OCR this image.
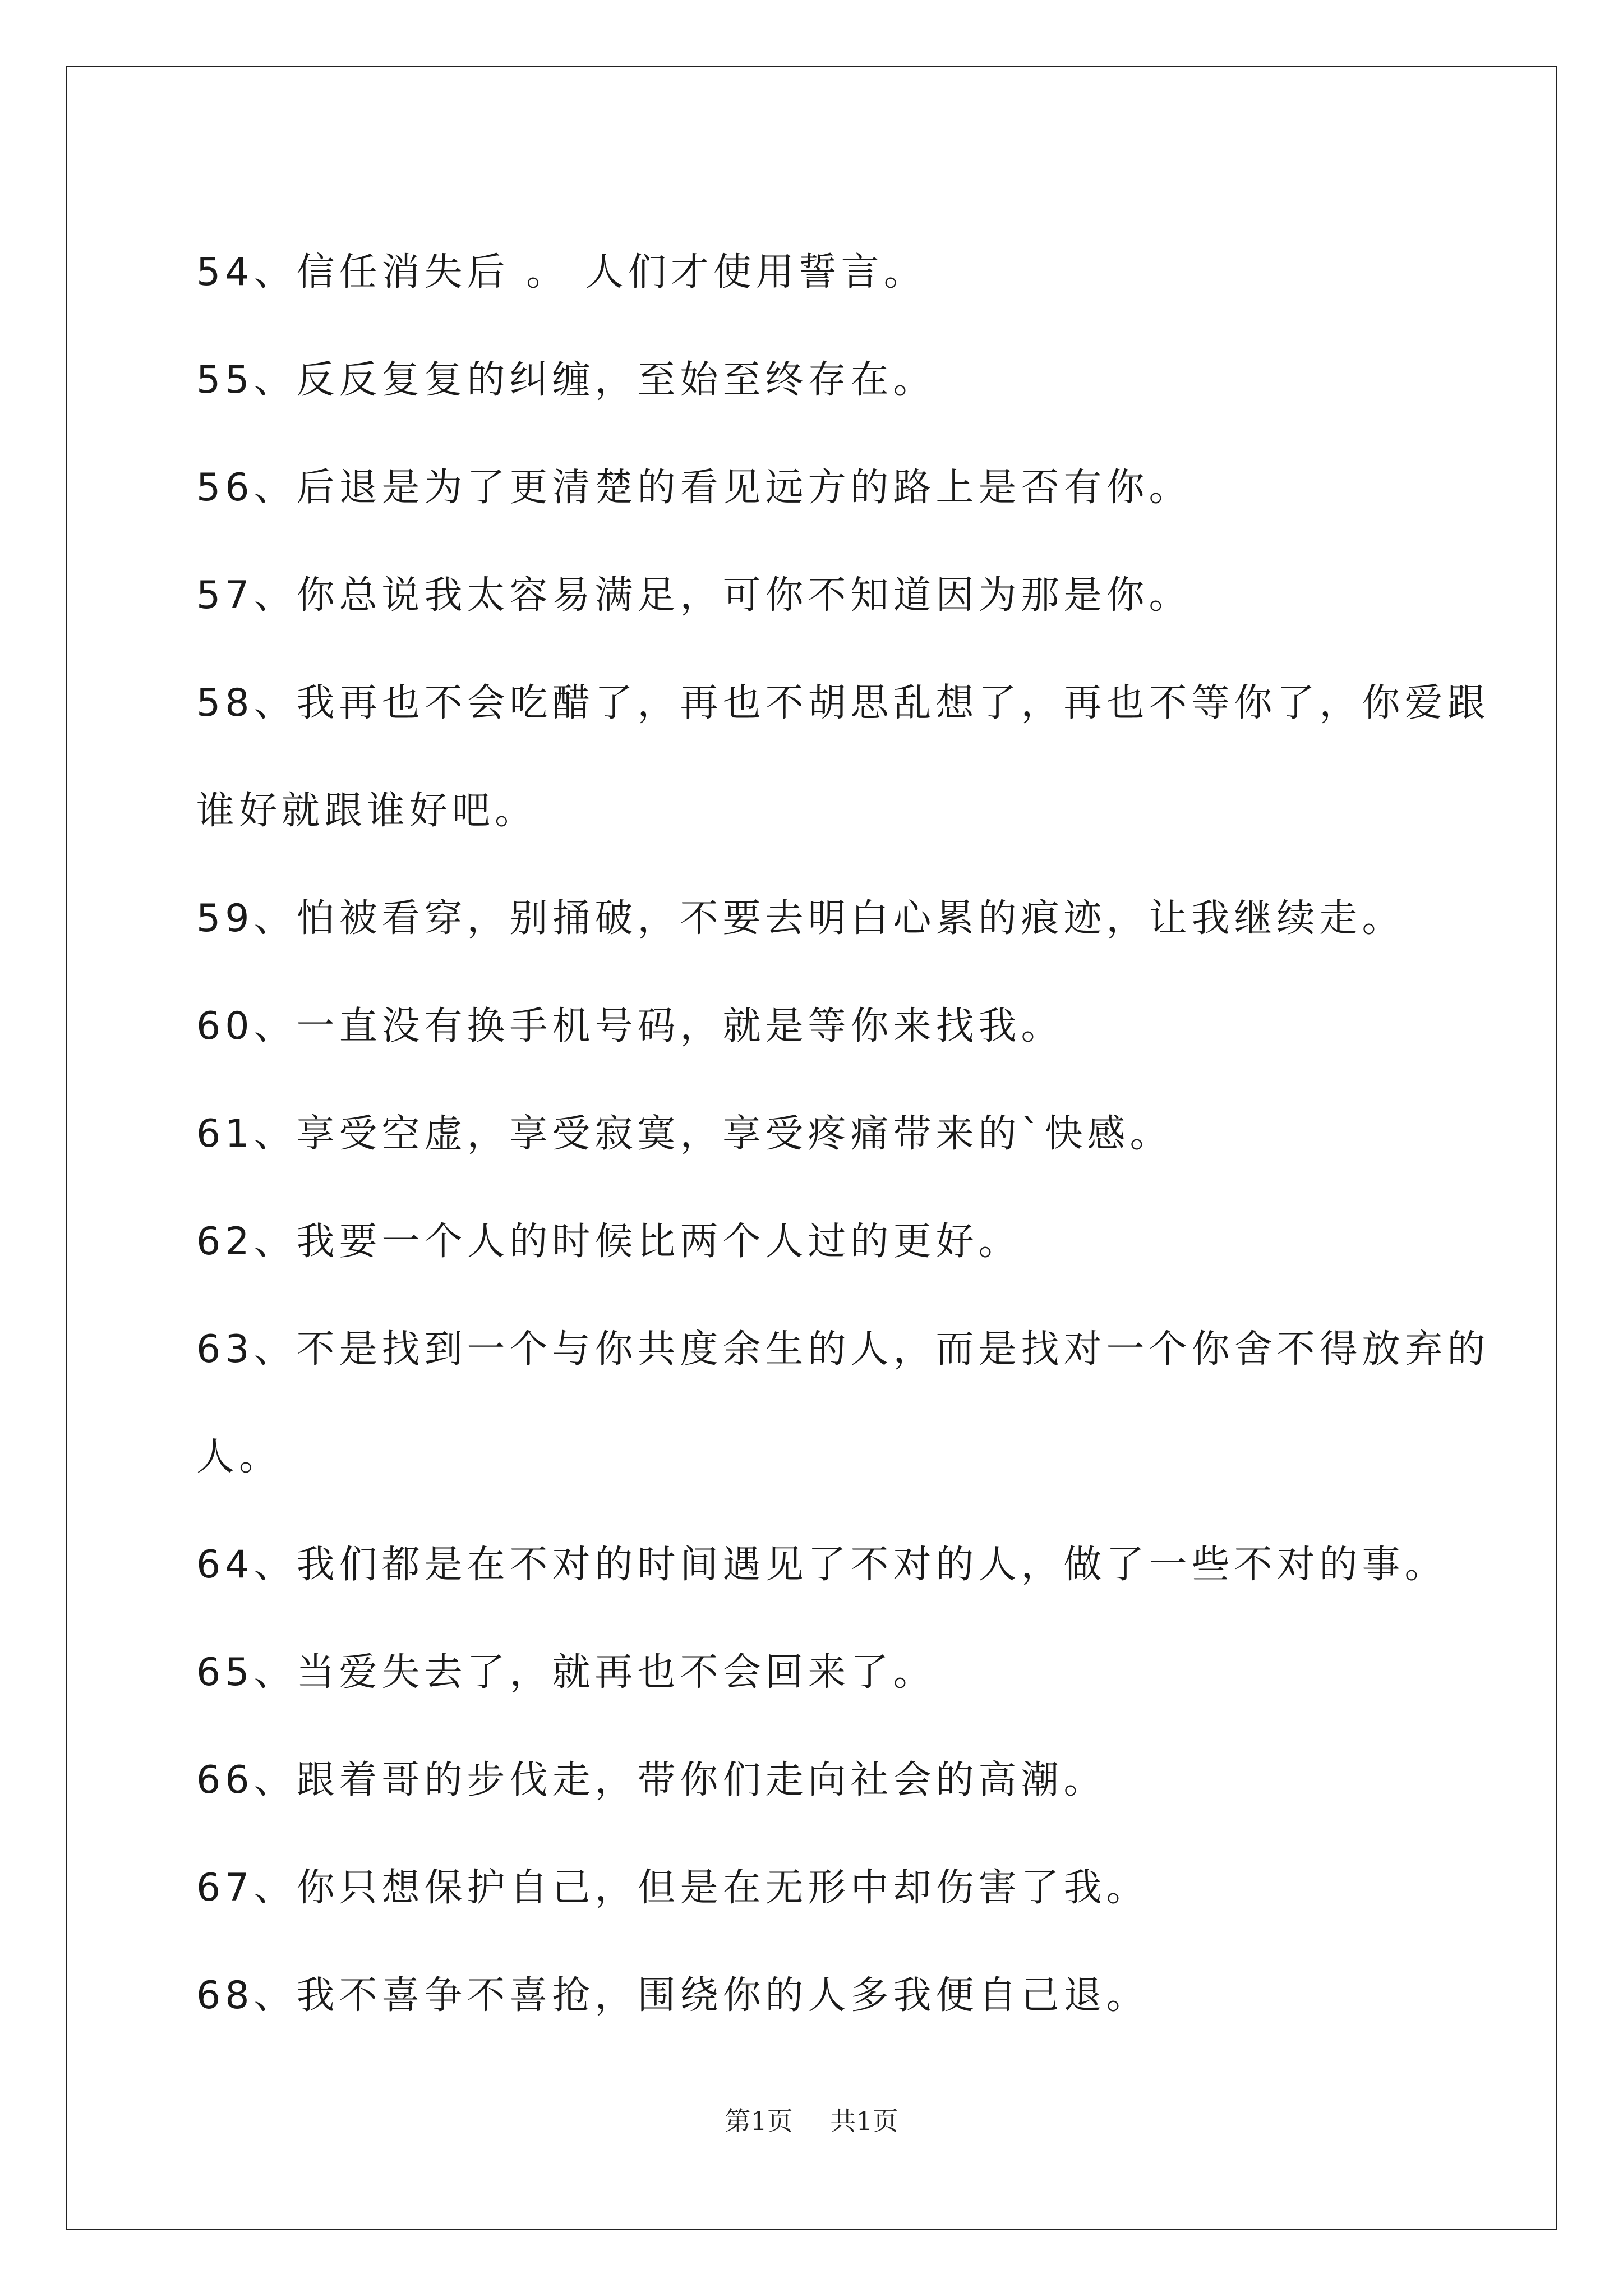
54、信任消失后 。 人们才使用誓言。
55、反反复复的纠缠，至始至终存在。
56、后退是为了更清楚的看见远方的路上是否有你。
57、你总说我太容易满足，可你不知道因为那是你。
58、我再也不会吃醋了，再也不胡思乱想了，再也不等你了，你爱跟
谁好就跟谁好吧。
59、怕被看穿，别捅破，不要去明白心累的痕迹，让我继续走。
60、一直没有换手机号码，就是等你来找我。
61、享受空虚，享受寂寞，享受疼痛带来的`快感。
62、我要一个人的时候比两个人过的更好。
63、不是找到一个与你共度余生的人，而是找对一个你舍不得放弃的
人。
64、我们都是在不对的时间遇见了不对的人，做了一些不对的事。
65、当爱失去了，就再也不会回来了。
66、跟着哥的步伐走，带你们走向社会的高潮。
67、你只想保护自己，但是在无形中却伤害了我。
68、我不喜争不喜抢，围绕你的人多我便自己退。
第1页 共1页
